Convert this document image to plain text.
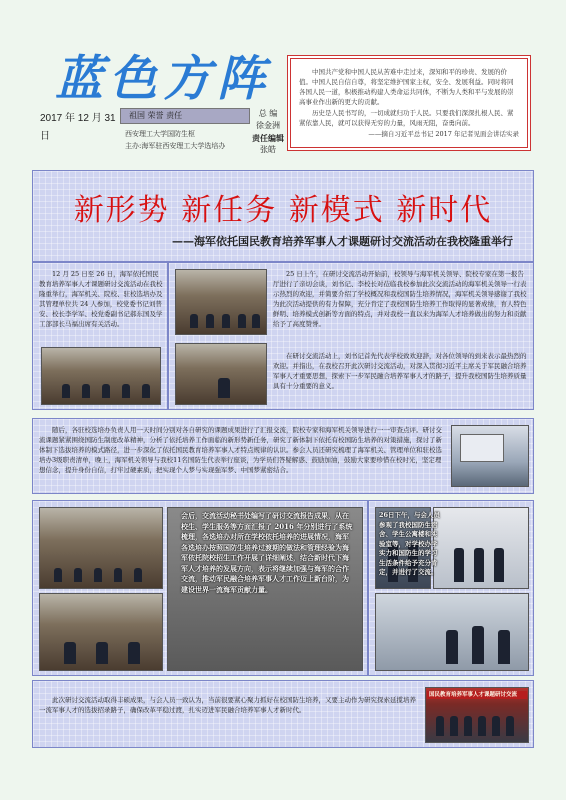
蓝色方阵
2017 年 12 月 31 日
祖国 荣誉 责任
西安理工大学国防生枢
主办:海军驻西安理工大学选培办
总 编
徐金洲
责任编辑
张皓

中国共产党和中国人民从苦难中走过来，深知和平的珍贵、发展的价值。中国人民自信自尊，将坚定维护国家主权，安全、发展利益。同时将同各国人民一道，积极推动构建人类命运共同体，不断为人类和平与发展的崇高事业作出新的更大的贡献。

历史是人民书写的，一切成就归功于人民。只要我们深深扎根人民、紧紧依靠人民，就可以获得无穷的力量，风雨无阻，奋勇向前。

——摘自习近平总书记 2017 年记者见面会讲话实录
新形势 新任务 新模式 新时代
——海军依托国民教育培养军事人才课题研讨交流活动在我校隆重举行

12 月 25 日至 26 日，海军依托国民教育培养军事人才课题研讨交流活动在我校隆重举行，海军机关、院校、驻校选培办及其管理单位共 24 人参加，校党委书记刘普安、校长李学军、校党委副书记郝东国及学工部部长马福出席有关活动。

25 日上午，在研讨交流活动开始前，校领导与海军机关领导、院校专家在第一报告厅进行了亲切会谈，刘书记、李校长对莅临我校参加此次交流活动的海军机关领导一行表示热烈的欢迎，并简要介绍了学校概况和我校国防生培养情况，海军机关领导感谢了我校为此次活动提供的有力保障，充分肯定了我校国防生培养工作取得的显著成绩，育人特色鲜明、培养模式创新等方面的特点，并对我校一直以来为海军人才培养做出的努力和贡献给予了高度赞誉。

在研讨交流活动上，刘书记首先代表学校致欢迎辞，对各位领导的到来表示最热烈的欢迎。并指出，在我校召开此次研讨交流活动，对深入贯彻习近平主席关于军民融合培养军事人才重要思想，探索下一步军民融合培养军事人才的路子，提升我校国防生培养质量具有十分重要的意义。

随后，各驻校选培办负责人用一天时间分别对各自研究的课题成果进行了汇报交流，院校专家和海军机关领导进行一一审查点评。研讨交流课题紧紧围绕国防生制度改革精神，分析了依托培养工作面临的新形势新任务，研究了新体制下依托有校国防生培养的对策措施，探讨了新体制下选拔培养的模式路径，进一步深化了依托国民教育培养军事人才特点规律的认识。参会人员还研究梳理了海军机关、管理单位和驻校选培办3级职责清单，晚上，海军机关领导与我校11名国防生代表举行座谈，为学员们答疑解惑、鼓励加油，鼓励大家要珍惜在校时光，坚定理想信念，提升身份自信，打牢过硬素质，把实现个人梦与实现强军梦、中国梦紧密结合。

会后，交流活动秘书处编写了研讨交流报告成果，从在校生、学生服务等方面汇报了 2016 年分别进行了系统梳理，各选培办对所在学校依托培养的进展情况，海军各选培办按照国防生培养过渡期的做法和管理经验为海军依托院校招生工作开展了详细阐述，结合新时代下海军人才培养的发展方向，表示将继续加强与海军的合作交流，推动军民融合培养军事人才工作迈上新台阶，为建设世界一流海军贡献力量。
26日下午，与会人员参观了我校国防生宿舍、学生公寓楼和实验室等，对学校办学实力和国防生的学习生活条件给予充分肯定，并进行了交流。

此次研讨交流活动取得丰硕成果，与会人员一致认为，当前很要紧心聚力抓好在校国防生培养，又要主动作为研究探索延揽培养一流军事人才的选拔招录路子，确保改革平稳过渡，扎实迈进军民融合培养军事人才新时代。

国民教育培养军事人才课题研讨交流
